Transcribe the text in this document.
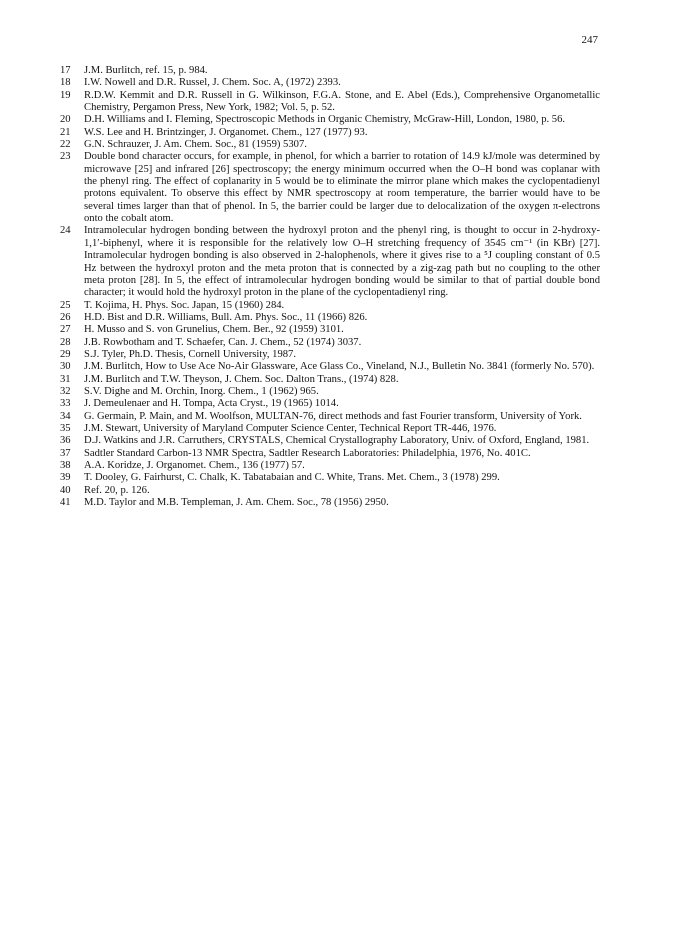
247
17	J.M. Burlitch, ref. 15, p. 984.
18	I.W. Nowell and D.R. Russel, J. Chem. Soc. A, (1972) 2393.
19	R.D.W. Kemmit and D.R. Russell in G. Wilkinson, F.G.A. Stone, and E. Abel (Eds.), Comprehensive Organometallic Chemistry, Pergamon Press, New York, 1982; Vol. 5, p. 52.
20	D.H. Williams and I. Fleming, Spectroscopic Methods in Organic Chemistry, McGraw-Hill, London, 1980, p. 56.
21	W.S. Lee and H. Brintzinger, J. Organomet. Chem., 127 (1977) 93.
22	G.N. Schrauzer, J. Am. Chem. Soc., 81 (1959) 5307.
23	Double bond character occurs, for example, in phenol, for which a barrier to rotation of 14.9 kJ/mole was determined by microwave [25] and infrared [26] spectroscopy; the energy minimum occurred when the O–H bond was coplanar with the phenyl ring. The effect of coplanarity in 5 would be to eliminate the mirror plane which makes the cyclopentadienyl protons equivalent. To observe this effect by NMR spectroscopy at room temperature, the barrier would have to be several times larger than that of phenol. In 5, the barrier could be larger due to delocalization of the oxygen π-electrons onto the cobalt atom.
24	Intramolecular hydrogen bonding between the hydroxyl proton and the phenyl ring, is thought to occur in 2-hydroxy-1,1′-biphenyl, where it is responsible for the relatively low O–H stretching frequency of 3545 cm⁻¹ (in KBr) [27]. Intramolecular hydrogen bonding is also observed in 2-halophenols, where it gives rise to a ⁵J coupling constant of 0.5 Hz between the hydroxyl proton and the meta proton that is connected by a zig-zag path but no coupling to the other meta proton [28]. In 5, the effect of intramolecular hydrogen bonding would be similar to that of partial double bond character; it would hold the hydroxyl proton in the plane of the cyclopentadienyl ring.
25	T. Kojima, H. Phys. Soc. Japan, 15 (1960) 284.
26	H.D. Bist and D.R. Williams, Bull. Am. Phys. Soc., 11 (1966) 826.
27	H. Musso and S. von Grunelius, Chem. Ber., 92 (1959) 3101.
28	J.B. Rowbotham and T. Schaefer, Can. J. Chem., 52 (1974) 3037.
29	S.J. Tyler, Ph.D. Thesis, Cornell University, 1987.
30	J.M. Burlitch, How to Use Ace No-Air Glassware, Ace Glass Co., Vineland, N.J., Bulletin No. 3841 (formerly No. 570).
31	J.M. Burlitch and T.W. Theyson, J. Chem. Soc. Dalton Trans., (1974) 828.
32	S.V. Dighe and M. Orchin, Inorg. Chem., 1 (1962) 965.
33	J. Demeulenaer and H. Tompa, Acta Cryst., 19 (1965) 1014.
34	G. Germain, P. Main, and M. Woolfson, MULTAN-76, direct methods and fast Fourier transform, University of York.
35	J.M. Stewart, University of Maryland Computer Science Center, Technical Report TR-446, 1976.
36	D.J. Watkins and J.R. Carruthers, CRYSTALS, Chemical Crystallography Laboratory, Univ. of Oxford, England, 1981.
37	Sadtler Standard Carbon-13 NMR Spectra, Sadtler Research Laboratories: Philadelphia, 1976, No. 401C.
38	A.A. Koridze, J. Organomet. Chem., 136 (1977) 57.
39	T. Dooley, G. Fairhurst, C. Chalk, K. Tabatabaian and C. White, Trans. Met. Chem., 3 (1978) 299.
40	Ref. 20, p. 126.
41	M.D. Taylor and M.B. Templeman, J. Am. Chem. Soc., 78 (1956) 2950.
